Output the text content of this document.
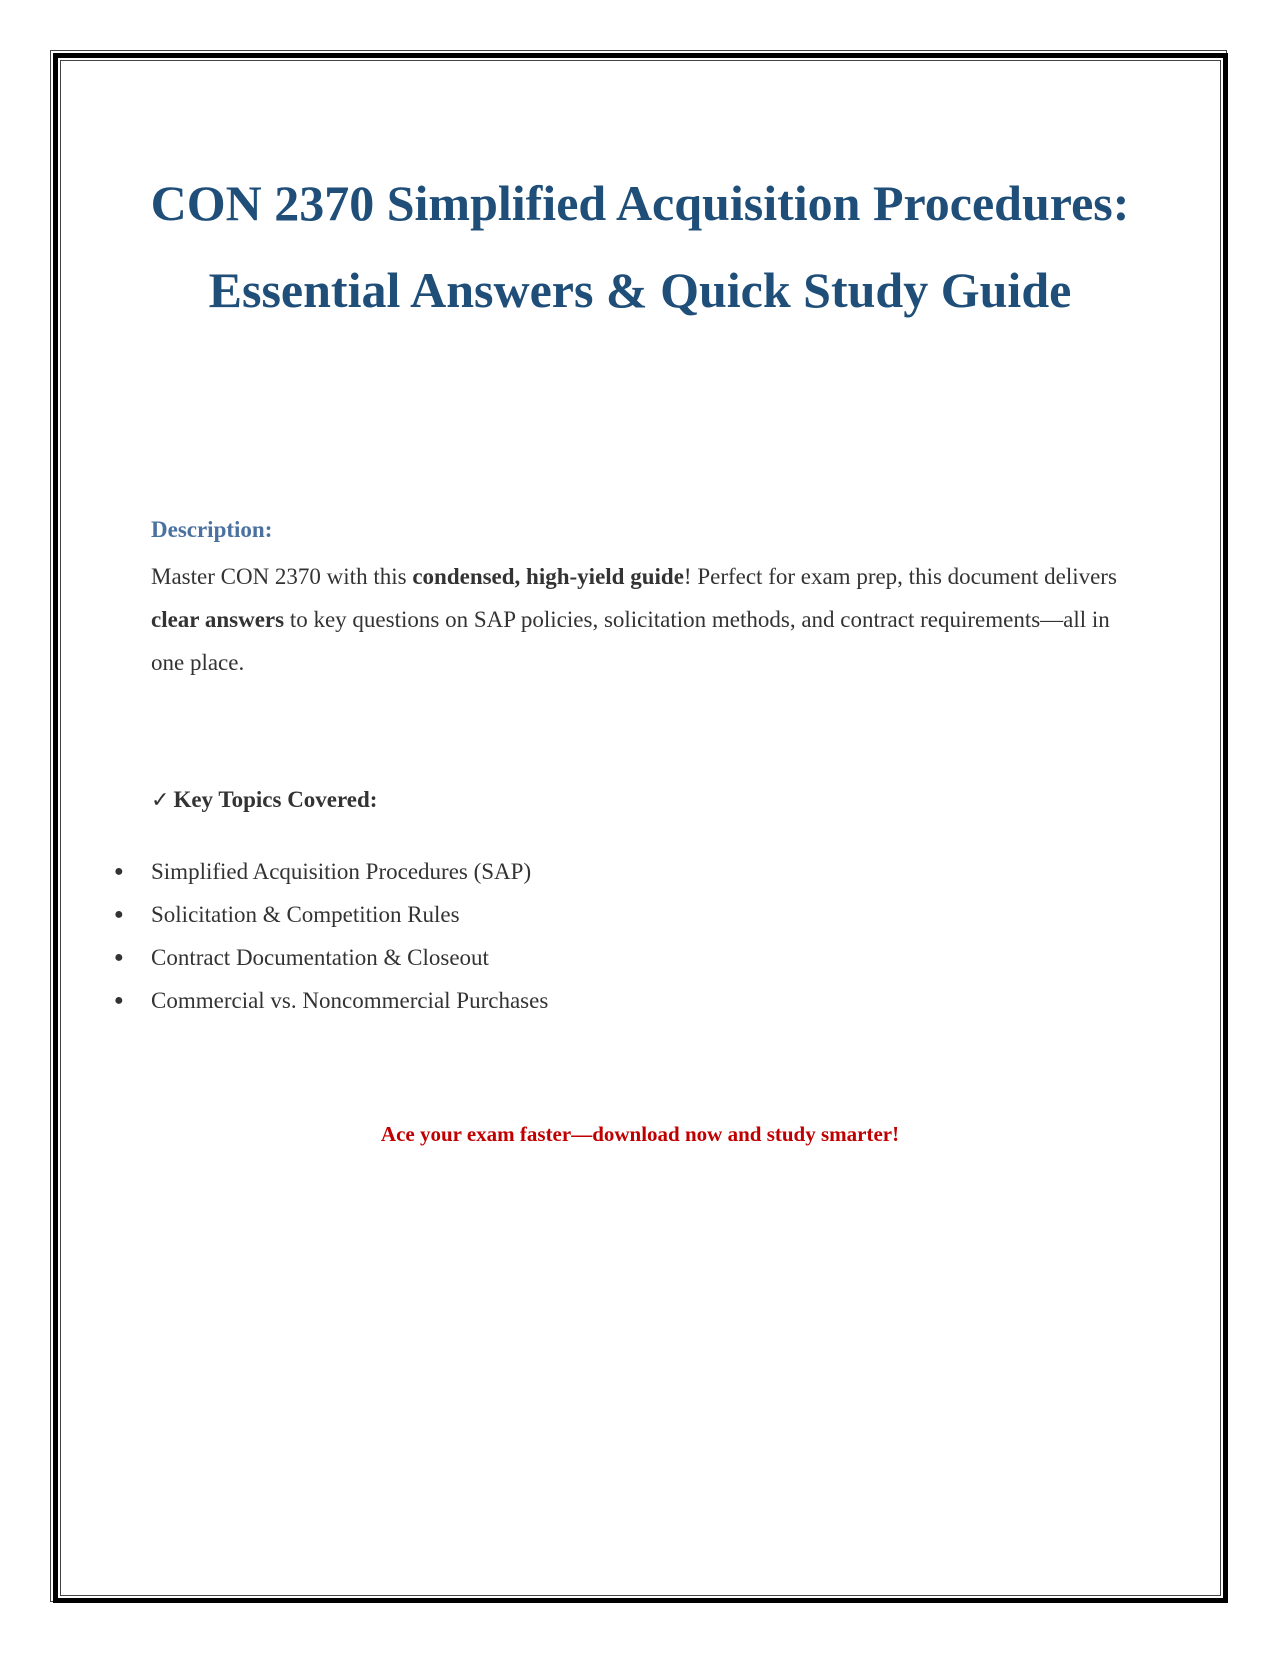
CON 2370 Simplified Acquisition Procedures: Essential Answers & Quick Study Guide
Description:
Master CON 2370 with this condensed, high-yield guide! Perfect for exam prep, this document delivers clear answers to key questions on SAP policies, solicitation methods, and contract requirements—all in one place.
✓ Key Topics Covered:
● Simplified Acquisition Procedures (SAP)
● Solicitation & Competition Rules
● Contract Documentation & Closeout
● Commercial vs. Noncommercial Purchases
Ace your exam faster—download now and study smarter!
